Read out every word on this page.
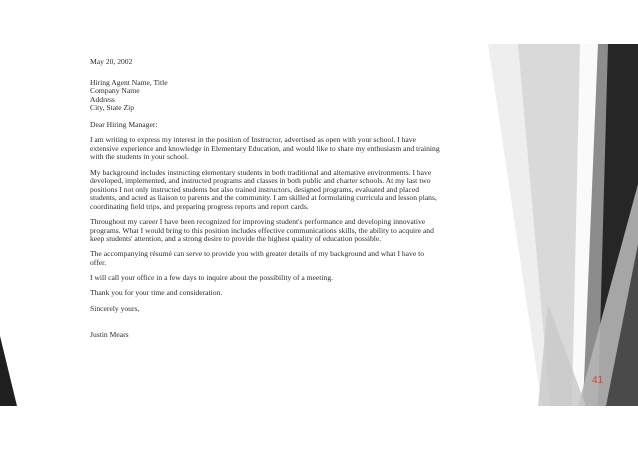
May 20, 2002

Hiring Agent Name, Title

Company Name

Address

City, State Zip

Dear Hiring Manager:

I am writing to express my interest in the position of Instructor, advertised as open with your school. I have extensive experience and knowledge in Elementary Education, and would like to share my enthusiasm and training with the students in your school.

My background includes instructing elementary students in both traditional and alternative environments. I have developed, implemented, and instructed programs and classes in both public and charter schools. At my last two positions I not only instructed students but also trained instructors, designed programs, evaluated and placed students, and acted as liaison to parents and the community. I am skilled at formulating curricula and lesson plans, coordinating field trips, and preparing progress reports and report cards.

Throughout my career I have been recognized for improving student's performance and developing innovative programs. What I would bring to this position includes effective communications skills, the ability to acquire and keep students' attention, and a strong desire to provide the highest quality of education possible.

The accompanying résumé can serve to provide you with greater details of my background and what I have to offer.

I will call your office in a few days to inquire about the possibility of a meeting.

Thank you for your time and consideration.

Sincerely yours,

Justin Mears

41
